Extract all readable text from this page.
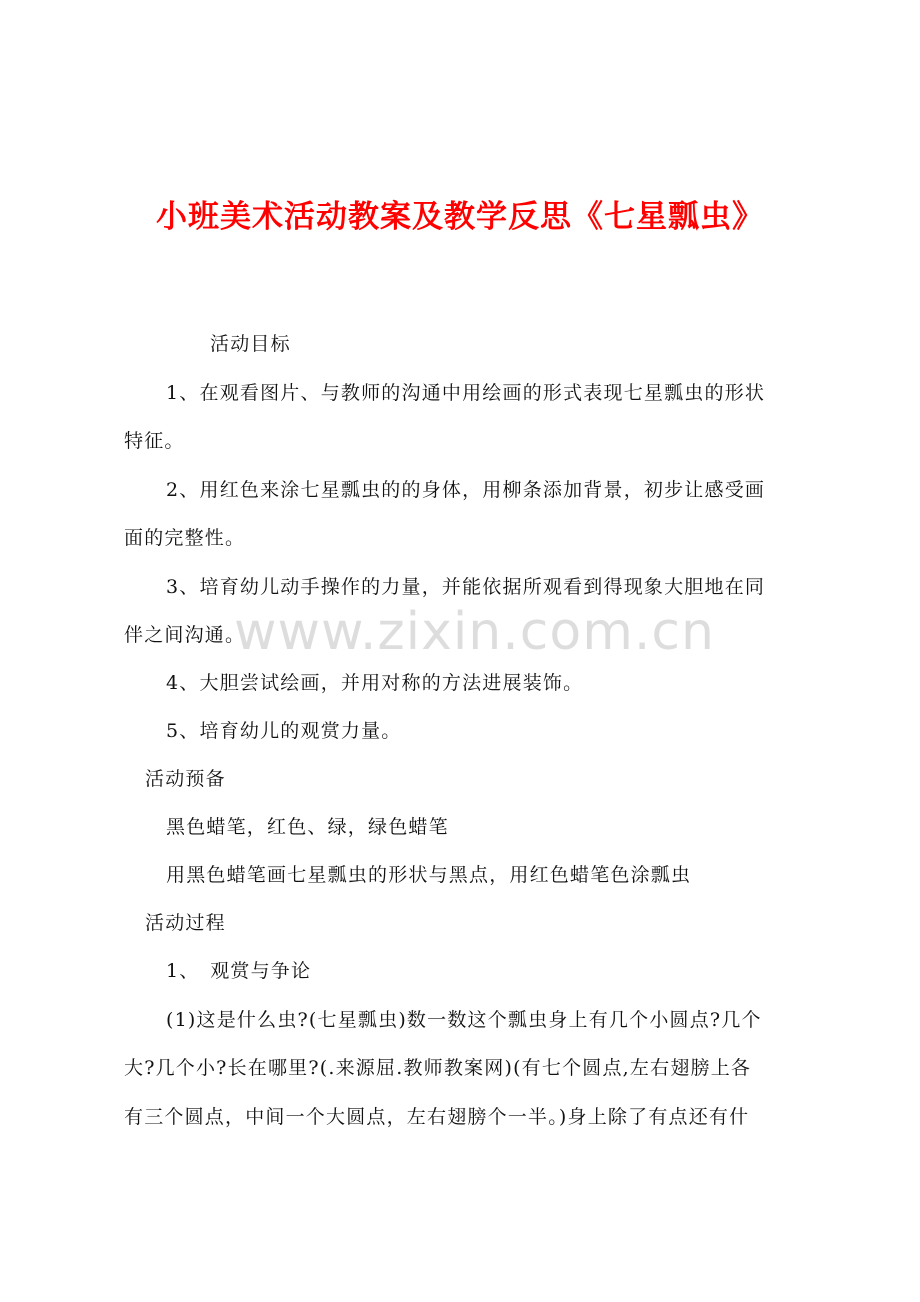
小班美术活动教案及教学反思《七星瓢虫》
活动目标
1、在观看图片、与教师的沟通中用绘画的形式表现七星瓢虫的形状
特征。
2、用红色来涂七星瓢虫的的身体，用柳条添加背景，初步让感受画
面的完整性。
3、培育幼儿动手操作的力量，并能依据所观看到得现象大胆地在同
伴之间沟通。
4、大胆尝试绘画，并用对称的方法进展装饰。
5、培育幼儿的观赏力量。
活动预备
黑色蜡笔，红色、绿，绿色蜡笔
用黑色蜡笔画七星瓢虫的形状与黑点，用红色蜡笔色涂瓢虫
活动过程
1、　观赏与争论
(1)这是什么虫?(七星瓢虫)数一数这个瓢虫身上有几个小圆点?几个
大?几个小?长在哪里?(.来源屈.教师教案网)(有七个圆点,左右翅膀上各
有三个圆点，中间一个大圆点，左右翅膀个一半。)身上除了有点还有什
www.zixin.com.cn
